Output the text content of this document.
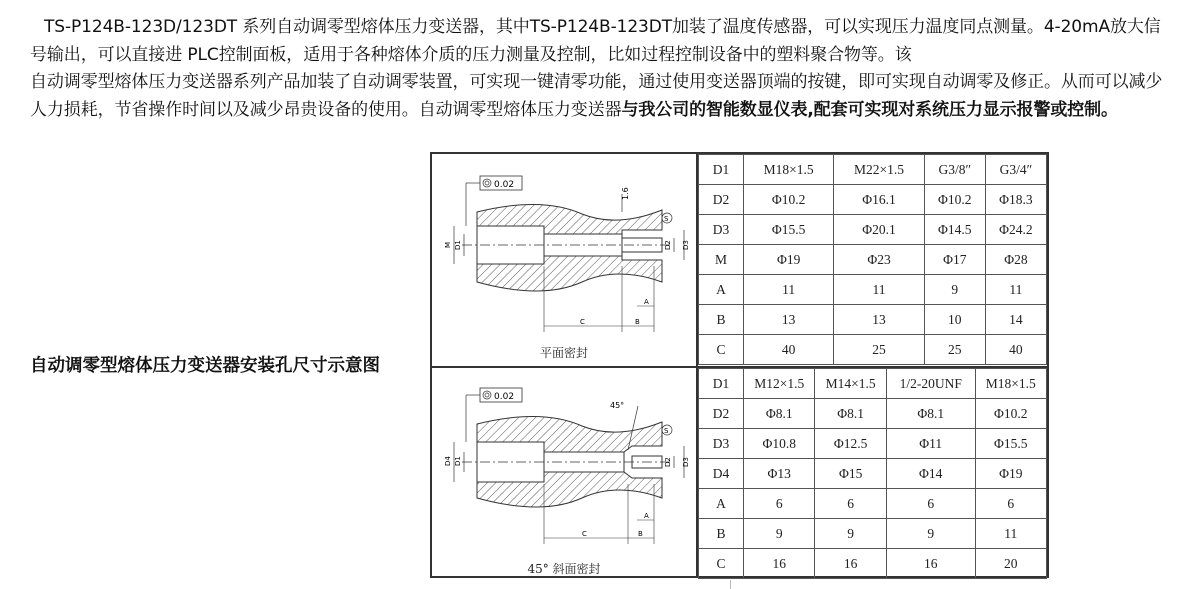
TS-P124B-123D/123DT 系列自动调零型熔体压力变送器，其中TS-P124B-123DT加装了温度传感器，可以实现压力温度同点测量。4-20mA放大信号输出，可以直接进 PLC控制面板，适用于各种熔体介质的压力测量及控制，比如过程控制设备中的塑料聚合物等。该

自动调零型熔体压力变送器系列产品加装了自动调零装置，可实现一键清零功能，通过使用变送器顶端的按键，即可实现自动调零及修正。从而可以减少人力损耗，节省操作时间以及减少昂贵设备的使用。自动调零型熔体压力变送器与我公司的智能数显仪表,配套可实现对系统压力显示报警或控制。

自动调零型熔体压力变送器安装孔尺寸示意图
M D1	D2 D3
0.02
1.6
S
C	B
A
平面密封
D1	M18×1.5	M22×1.5	G3/8″	G3/4″
D2	Φ10.2	Φ16.1	Φ10.2	Φ18.3
D3	Φ15.5	Φ20.1	Φ14.5	Φ24.2
M	Φ19	Φ23	Φ17	Φ28
A	11	11	9	11
B	13	13	10	14
C	40	25	25	40
D4 D1	D2 D3
0.02
45°
S
C	B
A
45° 斜面密封
D1	M12×1.5	M14×1.5	1/2-20UNF	M18×1.5
D2	Φ8.1	Φ8.1	Φ8.1	Φ10.2
D3	Φ10.8	Φ12.5	Φ11	Φ15.5
D4	Φ13	Φ15	Φ14	Φ19
A	6	6	6	6
B	9	9	9	11
C	16	16	16	20
